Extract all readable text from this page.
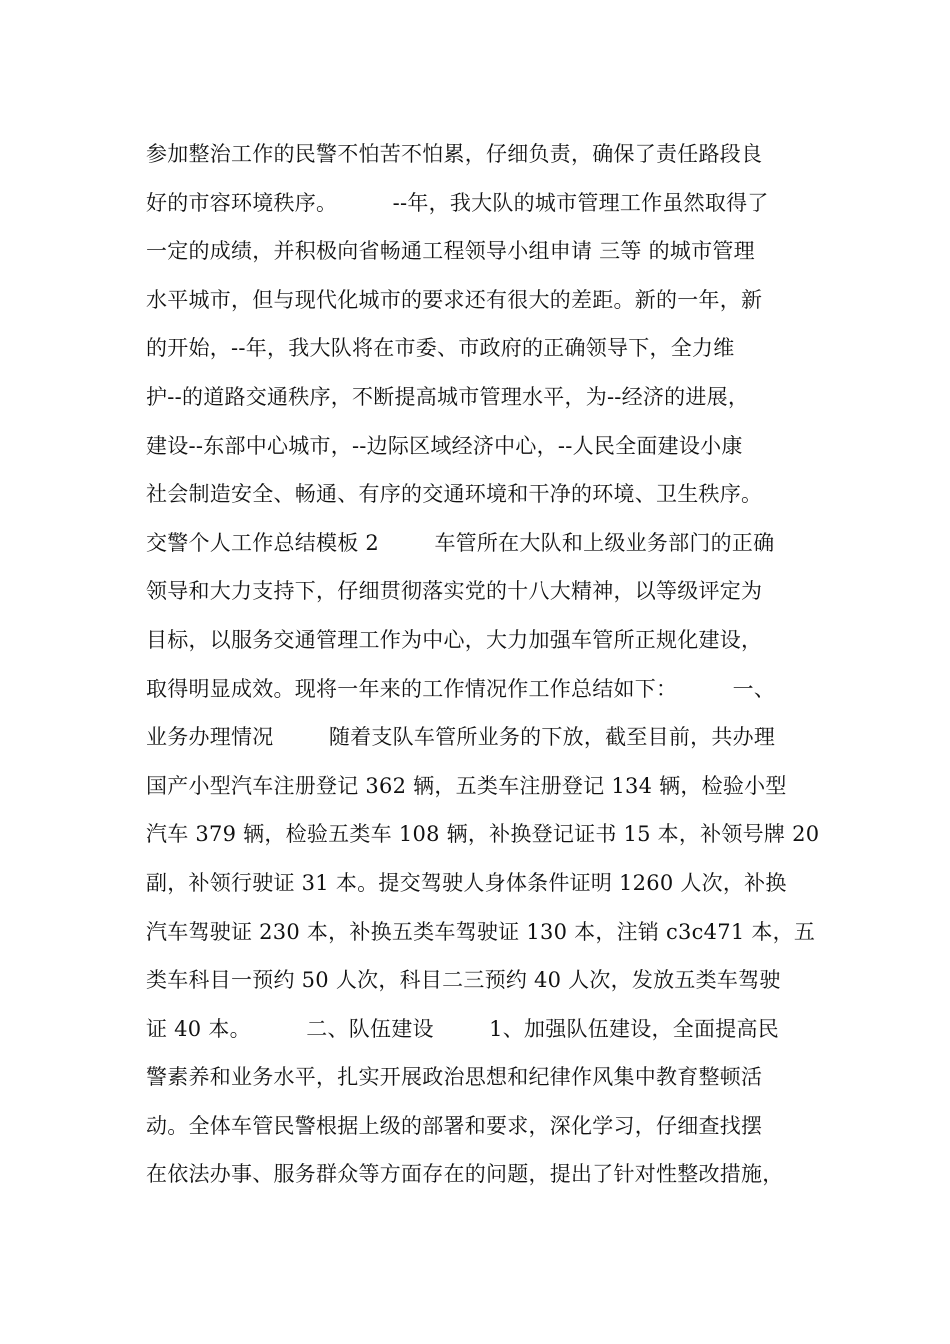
参加整治工作的民警不怕苦不怕累，仔细负责，确保了责任路段良
好的市容环境秩序。        --年，我大队的城市管理工作虽然取得了
一定的成绩，并积极向省畅通工程领导小组申请 三等 的城市管理
水平城市，但与现代化城市的要求还有很大的差距。新的一年，新
的开始，--年，我大队将在市委、市政府的正确领导下，全力维
护--的道路交通秩序，不断提高城市管理水平，为--经济的进展，
建设--东部中心城市，--边际区域经济中心，--人民全面建设小康
社会制造安全、畅通、有序的交通环境和干净的环境、卫生秩序。
交警个人工作总结模板 2        车管所在大队和上级业务部门的正确
领导和大力支持下，仔细贯彻落实党的十八大精神，以等级评定为
目标，以服务交通管理工作为中心，大力加强车管所正规化建设，
取得明显成效。现将一年来的工作情况作工作总结如下：        一、
业务办理情况        随着支队车管所业务的下放，截至目前，共办理
国产小型汽车注册登记 362 辆，五类车注册登记 134 辆，检验小型
汽车 379 辆，检验五类车 108 辆，补换登记证书 15 本，补领号牌 20
副，补领行驶证 31 本。提交驾驶人身体条件证明 1260 人次，补换
汽车驾驶证 230 本，补换五类车驾驶证 130 本，注销 c3c471 本，五
类车科目一预约 50 人次，科目二三预约 40 人次，发放五类车驾驶
证 40 本。        二、队伍建设        1、加强队伍建设，全面提高民
警素养和业务水平，扎实开展政治思想和纪律作风集中教育整顿活
动。全体车管民警根据上级的部署和要求，深化学习，仔细查找摆
在依法办事、服务群众等方面存在的问题，提出了针对性整改措施，
